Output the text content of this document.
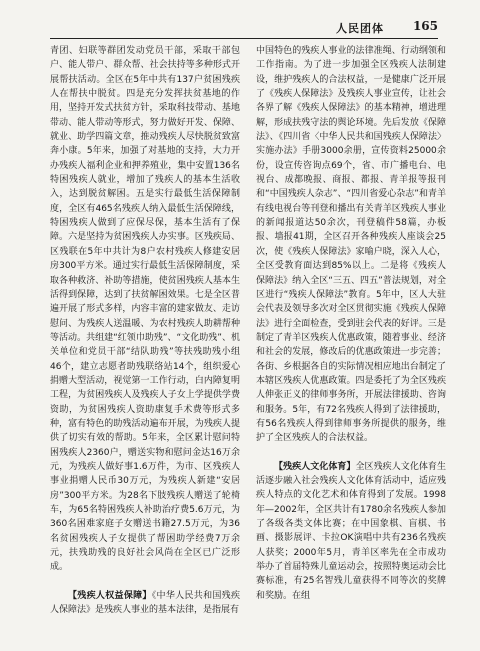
人民团体 165

青团、妇联等群团发动党员干部，采取干部包户、能人带户、群众帮、社会扶持等多种形式开展帮扶活动。全区在5年中共有137户贫困残疾人在帮扶中脱贫。四是充分发挥扶贫基地的作用，坚持开发式扶贫方针，采取科技带动、基地带动、能人带动等形式，努力做好开发、保障、就业、助学四篇文章，推动残疾人尽快脱贫致富奔小康。5年来，加强了对基地的支持，大力开办残疾人福利企业和押养殖业，集中安置136名特困残疾人就业，增加了残疾人的基本生活收入，达到脱贫解困。五是实行最低生活保障制度，全区有465名残疾人纳入最低生活保障线，特困残疾人做到了应保尽保，基本生活有了保障。六是坚持为贫困残疾人办实事。区残疾局、区残联在5年中共计为8户农村残疾人修建安居房300平方米。通过实行最低生活保障制度，采取各种救济、补助等措施，使贫困残疾人基本生活得到保障，达到了扶贫解困效果。七是全区普遍开展了形式多样，内容丰富的建家做友、走访慰问、为残疾人送温暖、为农村残疾人助耕帮种等活动。共组建“红领巾助残”、“文化助残”、机关单位和党员干部“结队助残”等扶残助残小组46个，建立志愿者助残联络站14个，组织爱心捐赠大型活动，视觉第一工作行动，白内障复明工程，为贫困残疾人及残疾人子女上学提供学费资助，为贫困残疾人资助康复手术费等形式多种，富有特色的助残活动遍布开展，为残疾人提供了切实有效的帮助。5年来，全区累计慰问特困残疾人2360户，赠送实物和慰问金达16万余元，为残疾人做好事1.6万件，为市、区残疾人事业捐赠人民币30万元，为残疾人新建“安居房”300平方米。为28名下肢残疾人赠送了轮椅车，为65名特困残疾人补助治疗费5.6万元，为360名困难家庭子女赠送书籍27.5万元，为36名贫困残疾人子女提供了帮困助学经费7万余元，扶残助残的良好社会风尚在全区已广泛形成。

【残疾人权益保障】《中华人民共和国残疾人保障法》是残疾人事业的基本法律，是指展有

中国特色的残疾人事业的法律准绳、行动纲领和工作指南。为了进一步加强全区残疾人法制建设，维护残疾人的合法权益，一是健康广泛开展了《残疾人保障法》及残疾人事业宣传，让社会各界了解《残疾人保障法》的基本精神，增进理解，形成扶残守法的舆论环境。先后发放《保障法》、《四川省〈中华人民共和国残疾人保障法〉实施办法》手册3000余册，宣传资料25000余份，设宣传咨询点69个，省、市广播电台、电视台、成都晚报、商报、都报、青羊报等报刊和“中国残疾人杂志”、“四川省爱心杂志”和青羊有线电视台等刊登和播出有关青羊区残疾人事业的新闻报道达50余次，刊登稿件58篇，办板报、墙报41期，全区召开各种残疾人座谈会25次，使《残疾人保障法》家喻户晓，深入人心，全区受教育面达到85%以上。二是将《残疾人保障法》纳入全区“三五、四五”普法规划，对全区进行“残疾人保障法”教育。5年中，区人大驻会代表及领导多次对全区贯彻实施《残疾人保障法》进行全面检查，受到驻会代表的好评。三是制定了青羊区残疾人优惠政策，随着事业、经济和社会的发展，修改后的优惠政策进一步完善；各街、乡根据各自的实际情况相应地出台制定了本辖区残疾人优惠政策。四是委托了为全区残疾人伸张正义的律师事务所，开展法律援助、咨询和服务。5年，有72名残疾人得到了法律援助，有56名残疾人得到律师事务所提供的服务，维护了全区残疾人的合法权益。

【残疾人文化体育】全区残疾人文化体育生活逐步融入社会残疾人文化体育活动中，适应残疾人特点的文化艺术和体育得到了发展。1998年—2002年，全区共计有1780余名残疾人参加了各级各类文体比赛；在中国象棋、盲棋、书画、摄影展评、卡拉OK演唱中共有236名残疾人获奖；2000年5月，青羊区率先在全市成功举办了首届特殊儿童运动会，按照特奥运动会比赛标准，有25名智残儿童获得不同等次的奖牌和奖励。在组
